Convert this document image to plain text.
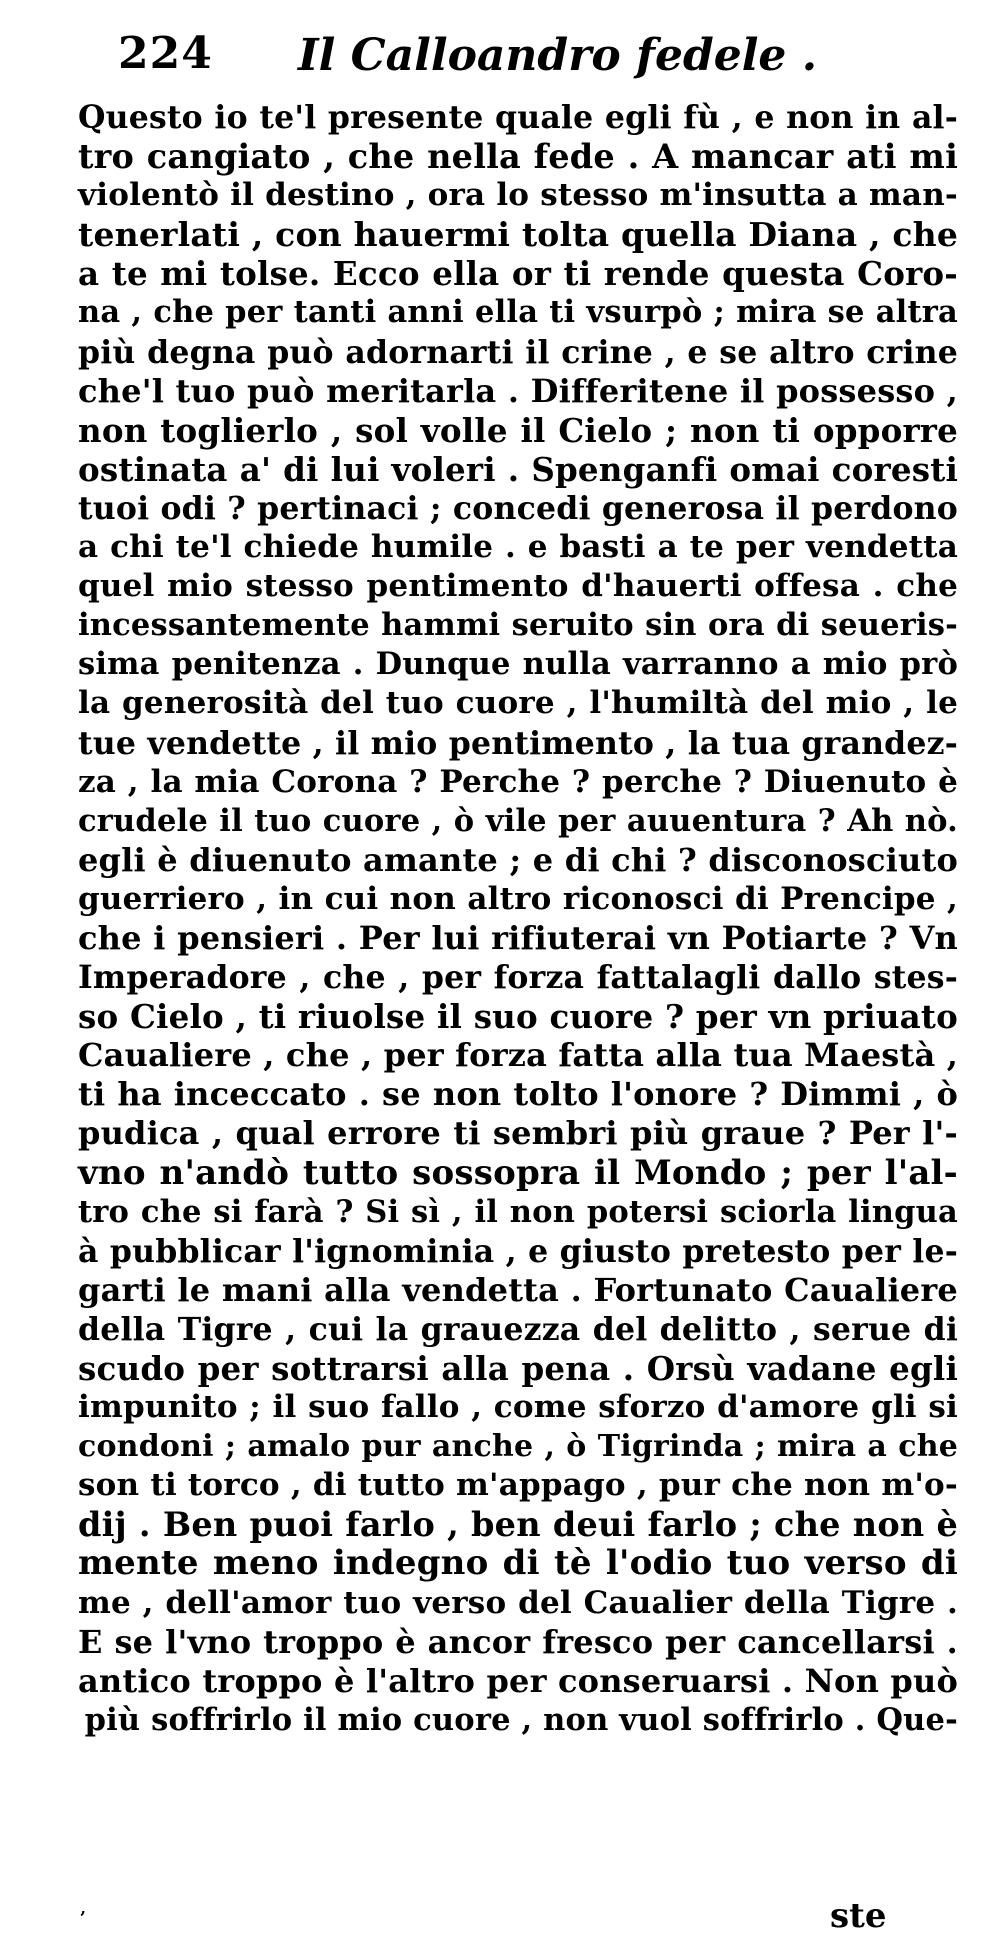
224 Il Calloandro fedele .
Questo io te'l presente quale egli fù , e non in al-
tro cangiato , che nella fede . A mancar ati mi
violentò il destino , ora lo stesso m'insutta a man-
tenerlati , con hauermi tolta quella Diana , che
a te mi tolse. Ecco ella or ti rende questa Coro-
na , che per tanti anni ella ti vsurpò ; mira se altra
più degna può adornarti il crine , e se altro crine
che'l tuo può meritarla . Differitene il possesso ,
non toglierlo , sol volle il Cielo ; non ti opporre
ostinata a' di lui voleri . Spenganfi omai coresti
tuoi odi ? pertinaci ; concedi generosa il perdono
a chi te'l chiede humile . e basti a te per vendetta
quel mio stesso pentimento d'hauerti offesa . che
incessantemente hammi seruito sin ora di seueris-
sima penitenza . Dunque nulla varranno a mio prò
la generosità del tuo cuore , l'humiltà del mio , le
tue vendette , il mio pentimento , la tua grandez-
za , la mia Corona ? Perche ? perche ? Diuenuto è
crudele il tuo cuore , ò vile per auuentura ? Ah nò.
egli è diuenuto amante ; e di chi ? disconosciuto
guerriero , in cui non altro riconosci di Prencipe ,
che i pensieri . Per lui rifiuterai vn Potiarte ? Vn
Imperadore , che , per forza fattalagli dallo stes-
so Cielo , ti riuolse il suo cuore ? per vn priuato
Caualiere , che , per forza fatta alla tua Maestà ,
ti ha inceccato . se non tolto l'onore ? Dimmi , ò
pudica , qual errore ti sembri più graue ? Per l'-
vno n'andò tutto sossopra il Mondo ; per l'al-
tro che si farà ? Si sì , il non potersi sciorla lingua
à pubblicar l'ignominia , e giusto pretesto per le-
garti le mani alla vendetta . Fortunato Caualiere
della Tigre , cui la grauezza del delitto , serue di
scudo per sottrarsi alla pena . Orsù vadane egli
impunito ; il suo fallo , come sforzo d'amore gli si
condoni ; amalo pur anche , ò Tigrinda ; mira a che
son ti torco , di tutto m'appago , pur che non m'o-
dij . Ben puoi farlo , ben deui farlo ; che non è
mente meno indegno di tè l'odio tuo verso di
me , dell'amor tuo verso del Caualier della Tigre .
E se l'vno troppo è ancor fresco per cancellarsi .
antico troppo è l'altro per conseruarsi . Non può
più soffrirlo il mio cuore , non vuol soffrirlo . Que-
‚	ste
